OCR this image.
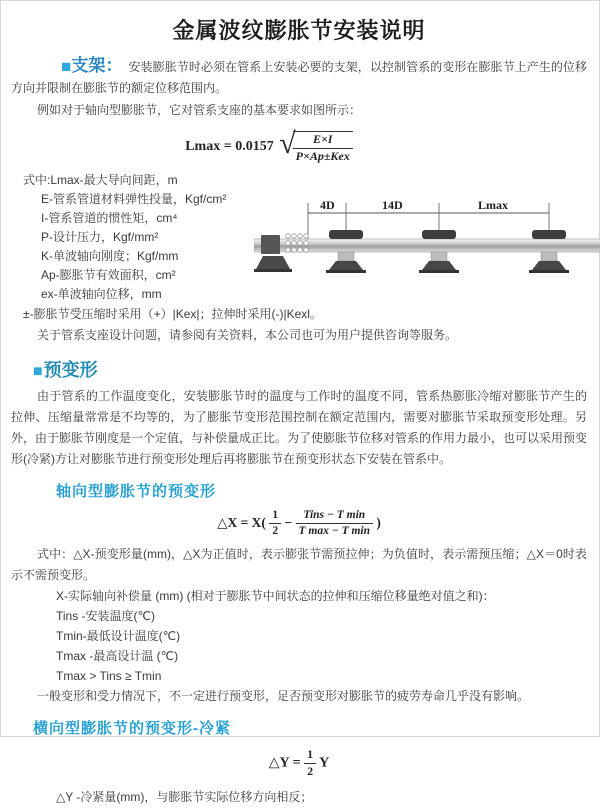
金属波纹膨胀节安装说明

■支架： 安装膨胀节时必须在管系上安装必要的支架，以控制管系的变形在膨胀节上产生的位移方向并限制在膨胀节的额定位移范围内。

例如对于轴向型膨胀节，它对管系支座的基本要求如图所示：

Lmax = 0.0157 √
$\frac{E\times I}{\text{P×Ap±Kex}}$
式中:Lmax-最大导向间距，m
E-管系管道材料弹性投量，Kgf/cm²
I-管系管道的惯性矩，cm⁴
P-设计压力，Kgf/mm²
K-单波轴向刚度；Kgf/mm
Ap-膨胀节有效面积，cm²
ex-单波轴向位移，mm
4D	14D	Lmax

±-膨胀节受压缩时采用（+）|Kex|；拉伸时采用(-)|Kexl。

关于管系支座设计问题，请参阅有关资料，本公司也可为用户提供咨询等服务。

■预变形

由于管系的工作温度变化，安装膨胀节时的温度与工作时的温度不同，管系热膨胀冷缩对膨胀节产生的拉伸、压缩量常常是不均等的，为了膨胀节变形范围控制在额定范围内，需要对膨胀节采取预变形处理。另外，由于膨胀节刚度是一个定值，与补偿量成正比。为了使膨胀节位移对管系的作用力最小，也可以采用预变形(冷紧)方让对膨胀节进行预变形处理后再将膨胀节在预变形状态下安装在管系中。

轴向型膨胀节的预变形
△X = $X( \frac{1}{2} - \frac{\text{Tins − T min}}{\text{T max − T min}}$ )

式中：△X-预变形量(mm)，△X为正值时，表示膨张节需预拉伸；为负值时，表示需预压缩；△X＝0时表示不需预变形。

X-实际轴向补偿量 (mm) (相对于膨胀节中间状态的拉伸和压缩位移量绝对值之和)：
Tins -安装温度(℃)
Tmin-最低设计温度(℃)
Tmax -最高设计温 (℃)
Tmax > Tins ≥ Tmin

一般变形和受力情况下，不一定进行预变形，足否预变形对膨胀节的疲劳寿命几乎没有影响。

横向型膨胀节的预变形-冷紧
△Y = $\frac{1}{2}$ Y

△Y -冷紧量(mm)，与膨胀节实际位移方向相反；
